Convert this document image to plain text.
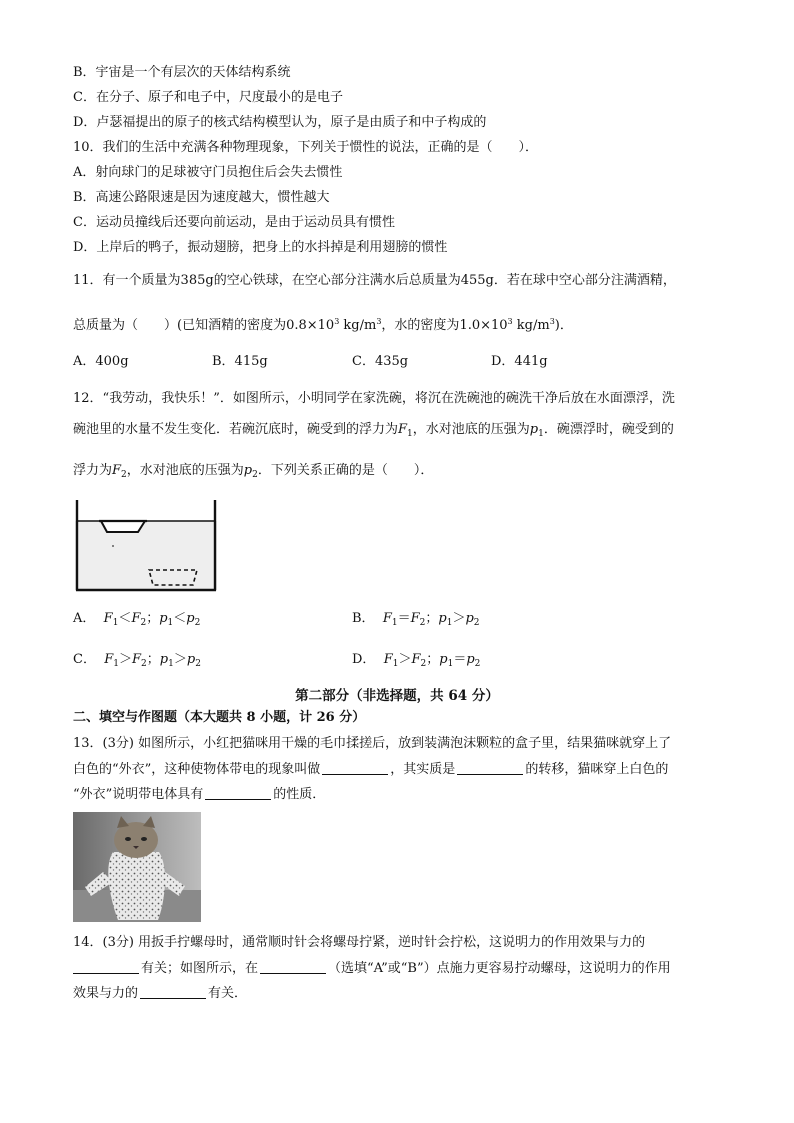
B．宇宙是一个有层次的天体结构系统
C．在分子、原子和电子中，尺度最小的是电子
D．卢瑟福提出的原子的核式结构模型认为，原子是由质子和中子构成的
10．我们的生活中充满各种物理现象，下列关于惯性的说法，正确的是（　　）．
A．射向球门的足球被守门员抱住后会失去惯性
B．高速公路限速是因为速度越大，惯性越大
C．运动员撞线后还要向前运动，是由于运动员具有惯性
D．上岸后的鸭子，振动翅膀，把身上的水抖掉是利用翅膀的惯性
11．有一个质量为385g的空心铁球，在空心部分注满水后总质量为455g．若在球中空心部分注满酒精，
总质量为（　　）(已知酒精的密度为$0.8\times 10^3$ $kg/m^3$，水的密度为$1.0\times 10^3$ $kg/m^3$)．
A．400g	B．415g	C．435g	D．441g
12．“我劳动，我快乐！”．如图所示，小明同学在家洗碗，将沉在洗碗池的碗洗干净后放在水面漂浮，洗
碗池里的水量不发生变化．若碗沉底时，碗受到的浮力为$F_1$，水对池底的压强为$p_1$．碗漂浮时，碗受到的
浮力为$F_2$，水对池底的压强为$p_2$．下列关系正确的是（　　）．
A． $F_1<F_2$；$p_1<p_2$	B． $F_1=F_2$；$p_1>p_2$
C． $F_1>F_2$；$p_1>p_2$	D． $F_1>F_2$；$p_1=p_2$
第二部分（非选择题，共 64 分）
二、填空与作图题（本大题共 8 小题，计 26 分）
13．(3分) 如图所示，小红把猫咪用干燥的毛巾揉搓后，放到装满泡沫颗粒的盒子里，结果猫咪就穿上了
白色的“外衣”，这种使物体带电的现象叫做	，其实质是	的转移，猫咪穿上白色的
“外衣”说明带电体具有	的性质．
14．(3分) 用扳手拧螺母时，通常顺时针会将螺母拧紧，逆时针会拧松，这说明力的作用效果与力的
有关；如图所示，在	（选填“A”或“B”）点施力更容易拧动螺母，这说明力的作用
效果与力的	有关．
